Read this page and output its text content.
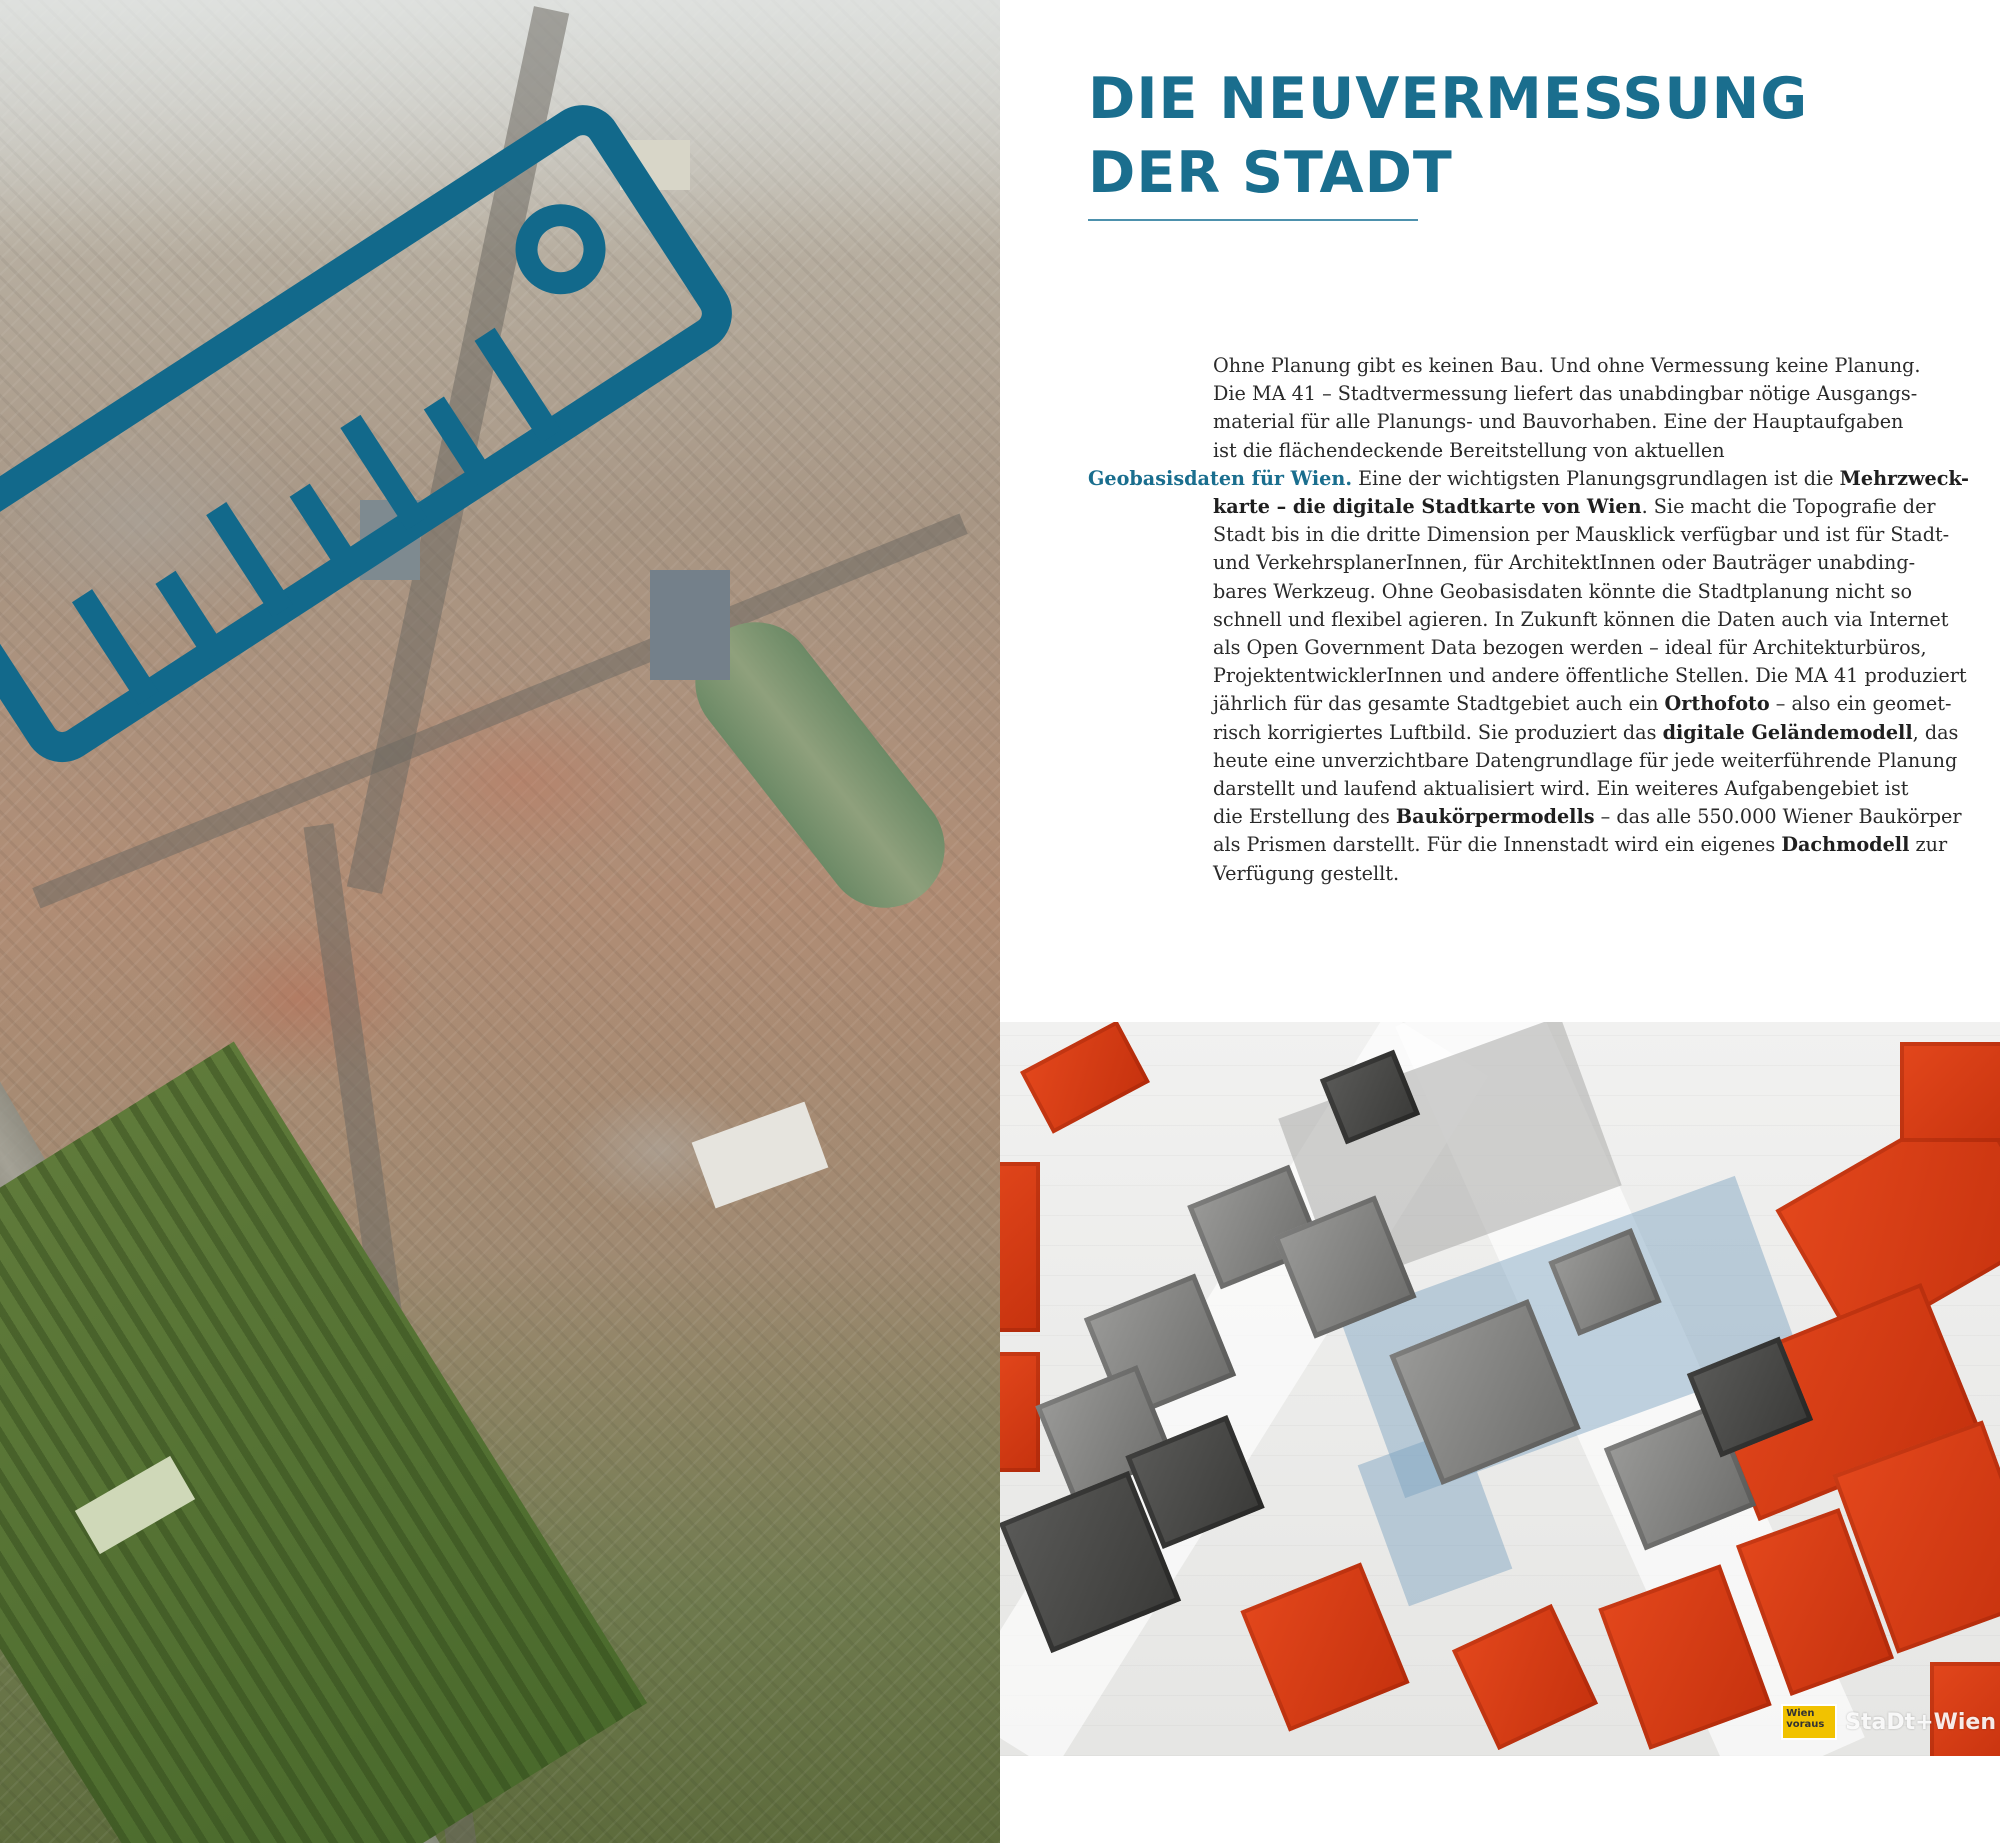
DIE NEUVERMESSUNG
DER STADT
Ohne Planung gibt es keinen Bau. Und ohne Vermessung keine Planung.
Die MA 41 – Stadtvermessung liefert das unabdingbar nötige Ausgangs-
material für alle Planungs- und Bauvorhaben. Eine der Hauptaufgaben
ist die flächendeckende Bereitstellung von aktuellen
Geobasisdaten für Wien. Eine der wichtigsten Planungsgrundlagen ist die Mehrzweck-
karte – die digitale Stadtkarte von Wien. Sie macht die Topografie der
Stadt bis in die dritte Dimension per Mausklick verfügbar und ist für Stadt-
und VerkehrsplanerInnen, für ArchitektInnen oder Bauträger unabding-
bares Werkzeug. Ohne Geobasisdaten könnte die Stadtplanung nicht so
schnell und flexibel agieren. In Zukunft können die Daten auch via Internet
als Open Government Data bezogen werden – ideal für Architekturbüros,
ProjektentwicklerInnen und andere öffentliche Stellen. Die MA 41 produziert
jährlich für das gesamte Stadtgebiet auch ein Orthofoto – also ein geomet-
risch korrigiertes Luftbild. Sie produziert das digitale Geländemodell, das
heute eine unverzichtbare Datengrundlage für jede weiterführende Planung
darstellt und laufend aktualisiert wird. Ein weiteres Aufgabengebiet ist
die Erstellung des Baukörpermodells – das alle 550.000 Wiener Baukörper
als Prismen darstellt. Für die Innenstadt wird ein eigenes Dachmodell zur
Verfügung gestellt.
Wien voraus StaDt+Wien
